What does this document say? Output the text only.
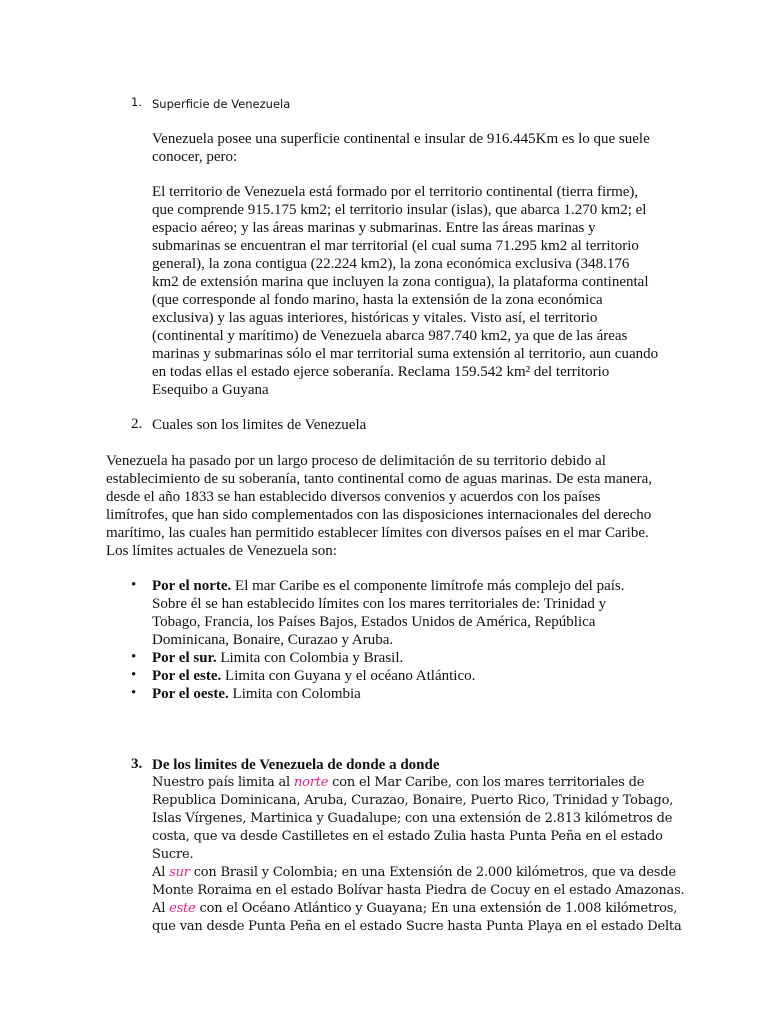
1. Superficie de Venezuela
Venezuela posee una superficie continental e insular de 916.445Km es lo que suele
conocer, pero:
El territorio de Venezuela está formado por el territorio continental (tierra firme),
que comprende 915.175 km2; el territorio insular (islas), que abarca 1.270 km2; el
espacio aéreo; y las áreas marinas y submarinas. Entre las áreas marinas y
submarinas se encuentran el mar territorial (el cual suma 71.295 km2 al territorio
general), la zona contigua (22.224 km2), la zona económica exclusiva (348.176
km2 de extensión marina que incluyen la zona contigua), la plataforma continental
(que corresponde al fondo marino, hasta la extensión de la zona económica
exclusiva) y las aguas interiores, históricas y vitales. Visto así, el territorio
(continental y marítimo) de Venezuela abarca 987.740 km2, ya que de las áreas
marinas y submarinas sólo el mar territorial suma extensión al territorio, aun cuando
en todas ellas el estado ejerce soberanía. Reclama 159.542 km² del territorio
Esequibo a Guyana
2. Cuales son los limites de Venezuela
Venezuela ha pasado por un largo proceso de delimitación de su territorio debido al
establecimiento de su soberanía, tanto continental como de aguas marinas. De esta manera,
desde el año 1833 se han establecido diversos convenios y acuerdos con los países
limítrofes, que han sido complementados con las disposiciones internacionales del derecho
marítimo, las cuales han permitido establecer límites con diversos países en el mar Caribe.
Los límites actuales de Venezuela son:
• Por el norte. El mar Caribe es el componente limítrofe más complejo del país.
Sobre él se han establecido límites con los mares territoriales de: Trinidad y
Tobago, Francia, los Países Bajos, Estados Unidos de América, República
Dominicana, Bonaire, Curazao y Aruba.
• Por el sur. Limita con Colombia y Brasil.
• Por el este. Limita con Guyana y el océano Atlántico.
• Por el oeste. Limita con Colombia
3. De los limites de Venezuela de donde a donde
Nuestro país limita al norte con el Mar Caribe, con los mares territoriales de
Republica Dominicana, Aruba, Curazao, Bonaire, Puerto Rico, Trinidad y Tobago,
Islas Vírgenes, Martinica y Guadalupe; con una extensión de 2.813 kilómetros de
costa, que va desde Castilletes en el estado Zulia hasta Punta Peña en el estado
Sucre.
Al sur con Brasil y Colombia; en una Extensión de 2.000 kilómetros, que va desde
Monte Roraima en el estado Bolívar hasta Piedra de Cocuy en el estado Amazonas.
Al este con el Océano Atlántico y Guayana; En una extensión de 1.008 kilómetros,
que van desde Punta Peña en el estado Sucre hasta Punta Playa en el estado Delta
